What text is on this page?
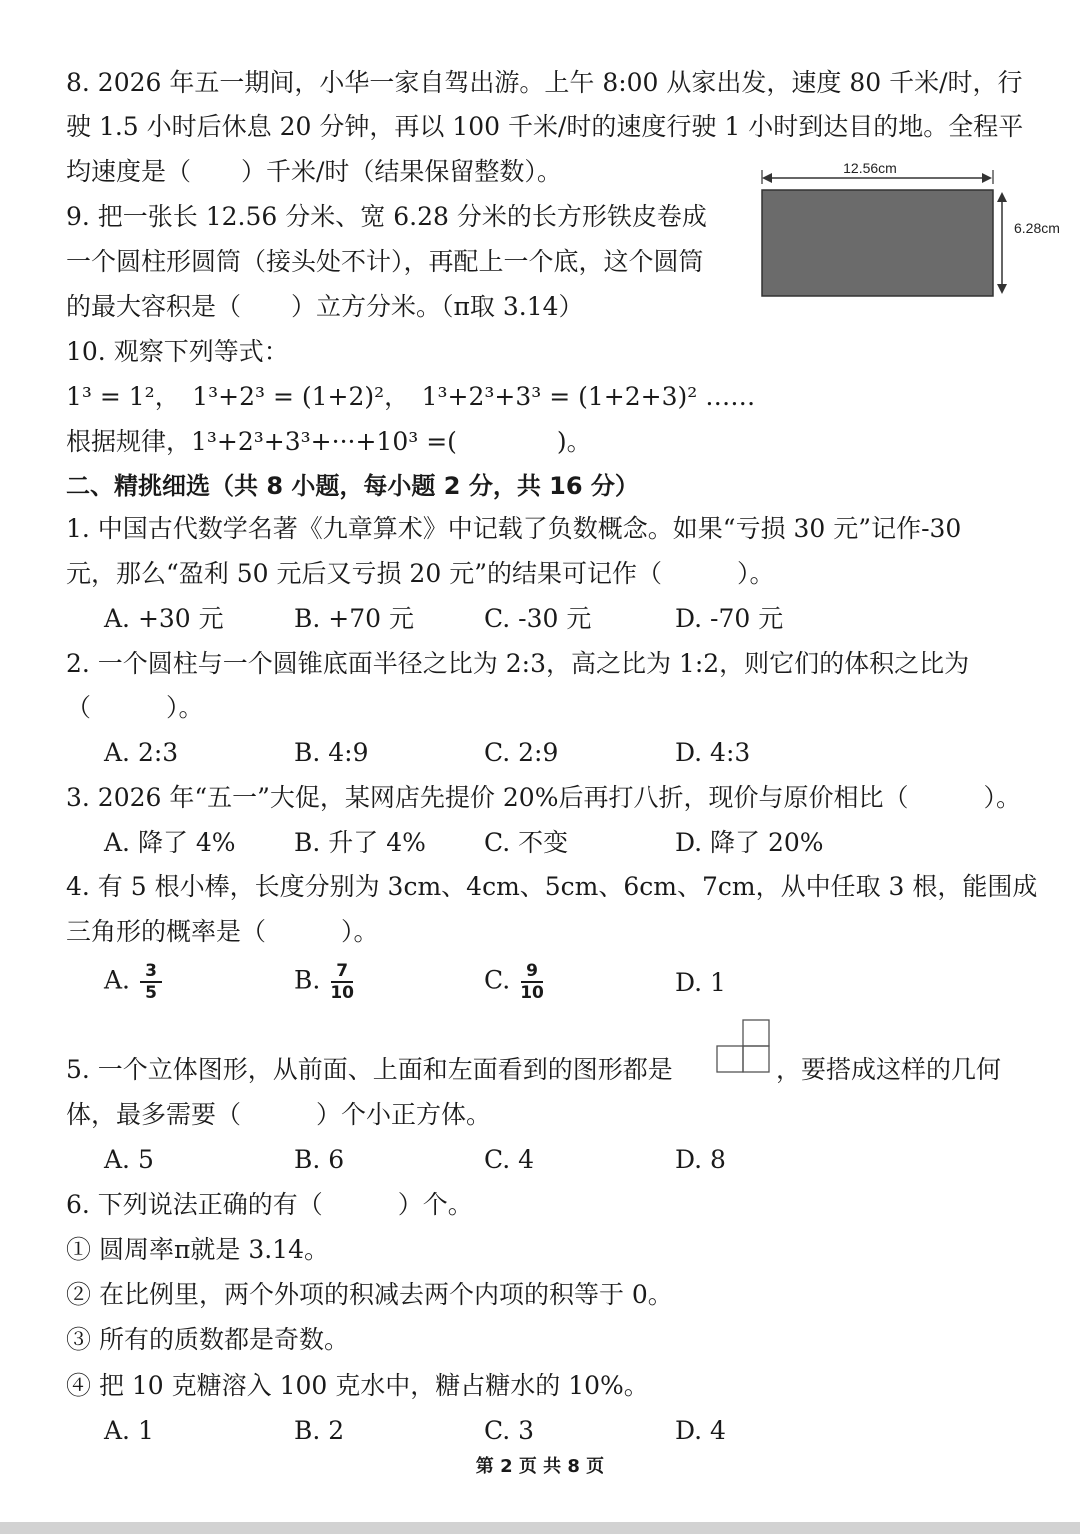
8. 2026 年五一期间，小华一家自驾出游。上午 8:00 从家出发，速度 80 千米/时，行
驶 1.5 小时后休息 20 分钟，再以 100 千米/时的速度行驶 1 小时到达目的地。全程平
均速度是（　　）千米/时（结果保留整数）。
9. 把一张长 12.56 分米、宽 6.28 分米的长方形铁皮卷成
一个圆柱形圆筒（接头处不计），再配上一个底，这个圆筒
的最大容积是（　　）立方分米。（π取 3.14）
12.56cm
6.28cm
10. 观察下列等式：
1³ = 1²，　1³+2³ = (1+2)²，　1³+2³+3³ = (1+2+3)² ……
根据规律，1³+2³+3³+···+10³ =(　　　　)。
二、精挑细选（共 8 小题，每小题 2 分，共 16 分）
1. 中国古代数学名著《九章算术》中记载了负数概念。如果“亏损 30 元”记作-30
元，那么“盈利 50 元后又亏损 20 元”的结果可记作（　　　）。
A. +30 元	B. +70 元	C. -30 元	D. -70 元
2. 一个圆柱与一个圆锥底面半径之比为 2:3，高之比为 1:2，则它们的体积之比为
（　　　）。
A. 2:3	B. 4:9	C. 2:9	D. 4:3
3. 2026 年“五一”大促，某网店先提价 20%后再打八折，现价与原价相比（　　　）。
A. 降了 4% B. 升了 4% C. 不变	D. 降了 20%
4. 有 5 根小棒，长度分别为 3cm、4cm、5cm、6cm、7cm，从中任取 3 根，能围成
三角形的概率是（　　　）。
A. $\frac{3}{5}$	B. $\frac{7}{10}$	C. $\frac{9}{10}$	D. 1
5. 一个立体图形，从前面、上面和左面看到的图形都是	，要搭成这样的几何
体，最多需要（　　　）个小正方体。
A. 5	B. 6	C. 4	D. 8
6. 下列说法正确的有（　　　）个。
① 圆周率π就是 3.14。
② 在比例里，两个外项的积减去两个内项的积等于 0。
③ 所有的质数都是奇数。
④ 把 10 克糖溶入 100 克水中，糖占糖水的 10%。
A. 1	B. 2	C. 3	D. 4
第 2 页 共 8 页
